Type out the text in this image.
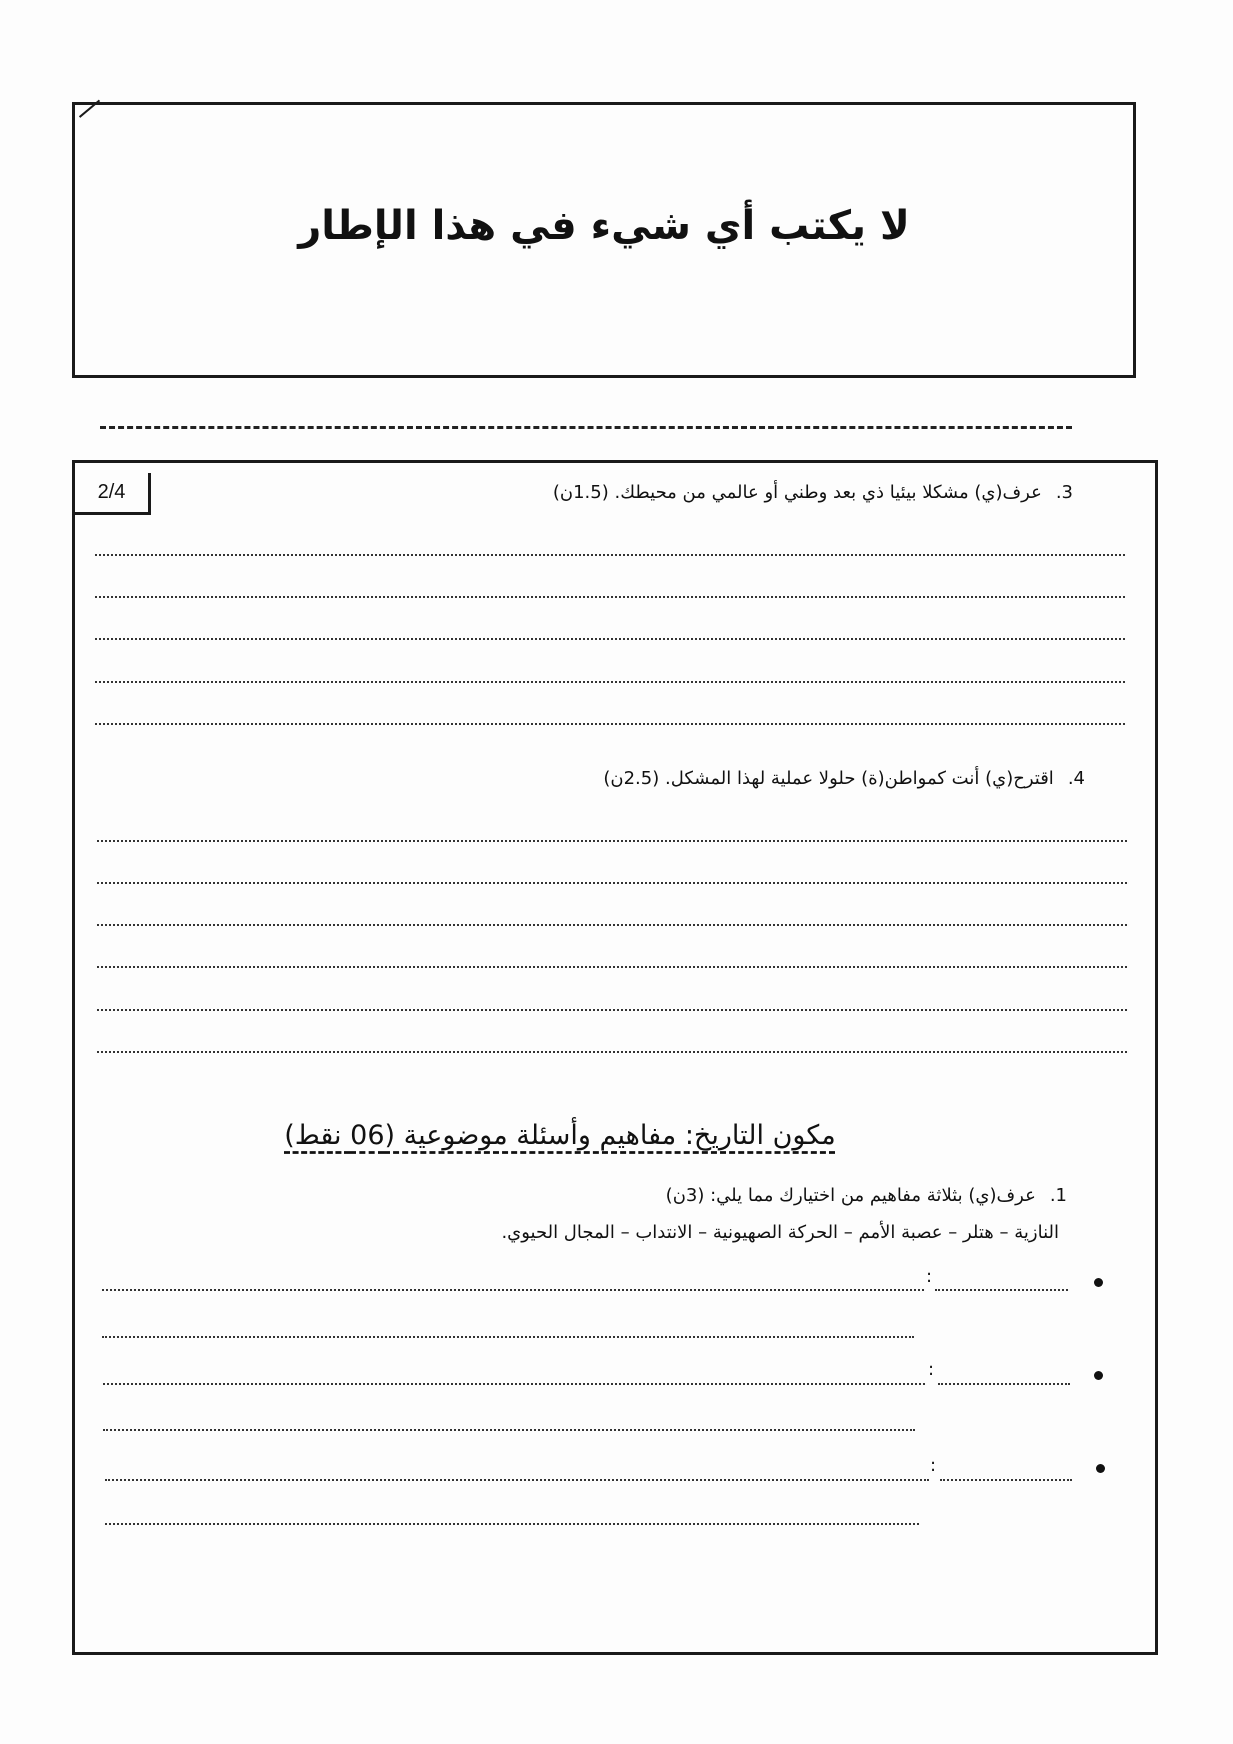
لا يكتب أي شيء في هذا الإطار
2/4	3.عرف(ي) مشكلا بيئيا ذي بعد وطني أو عالمي من محيطك. (1.5ن)
4.اقترح(ي) أنت كمواطن(ة) حلولا عملية لهذا المشكل. (2.5ن)
مكون التاريخ: مفاهيم وأسئلة موضوعية (06 نقط)
1.عرف(ي) بثلاثة مفاهيم من اختيارك مما يلي: (3ن)
النازية – هتلر – عصبة الأمم – الحركة الصهيونية – الانتداب – المجال الحيوي.
:
:
:
